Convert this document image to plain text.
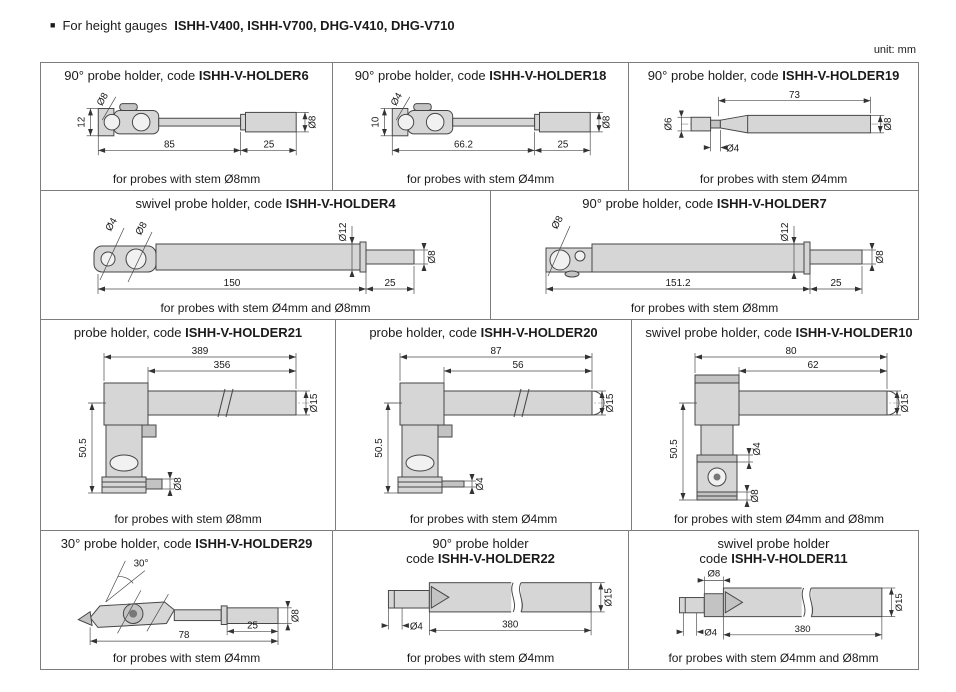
■ For height gauges ISHH-V400, ISHH-V700, DHG-V410, DHG-V710
unit: mm
90° probe holder, code ISHH-V-HOLDER6
Ø8
12
85	25
Ø8
for probes with stem Ø8mm
90° probe holder, code ISHH-V-HOLDER18
Ø4
10
66.2	25
Ø8
for probes with stem Ø4mm
90° probe holder, code ISHH-V-HOLDER19
73
Ø6
Ø4
Ø8
for probes with stem Ø4mm
swivel probe holder, code ISHH-V-HOLDER4
Ø4 Ø8	Ø12
150	25
Ø8
for probes with stem Ø4mm and Ø8mm
90° probe holder, code ISHH-V-HOLDER7
Ø8	Ø12
151.2	25
Ø8
for probes with stem Ø8mm
probe holder, code ISHH-V-HOLDER21
389
356
50.5
Ø15
Ø8
for probes with stem Ø8mm
probe holder, code ISHH-V-HOLDER20
87
56
50.5
Ø15
Ø4
for probes with stem Ø4mm
swivel probe holder, code ISHH-V-HOLDER10
80
62
50.5
Ø15
Ø4
Ø8
for probes with stem Ø4mm and Ø8mm
30° probe holder, code ISHH-V-HOLDER29
30°
25
78
Ø8
for probes with stem Ø4mm
90° probe holder
code ISHH-V-HOLDER22
Ø4	380
Ø15
for probes with stem Ø4mm
swivel probe holder
code ISHH-V-HOLDER11
Ø8
Ø4	380
Ø15
for probes with stem Ø4mm and Ø8mm
